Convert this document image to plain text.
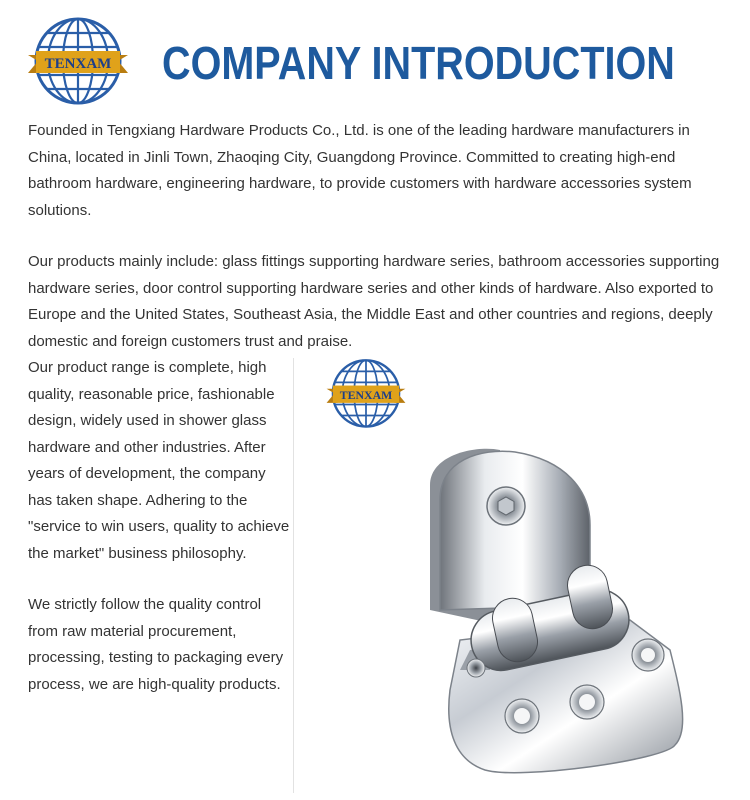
TENXAM COMPANY INTRODUCTION

Founded in Tengxiang Hardware Products Co., Ltd. is one of the leading hardware manufacturers in China, located in Jinli Town, Zhaoqing City, Guangdong Province. Committed to creating high-end bathroom hardware, engineering hardware, to provide customers with hardware accessories system solutions.

Our products mainly include: glass fittings supporting hardware series, bathroom accessories supporting hardware series, door control supporting hardware series and other kinds of hardware. Also exported to Europe and the United States, Southeast Asia, the Middle East and other countries and regions, deeply domestic and foreign customers trust and praise.

Our product range is complete, high quality, reasonable price, fashionable design, widely used in shower glass hardware and other industries. After years of development, the company has taken shape. Adhering to the "service to win users, quality to achieve the market" business philosophy.

We strictly follow the quality control from raw material procurement, processing, testing to packaging every process, we are high-quality products.

TENXAM
